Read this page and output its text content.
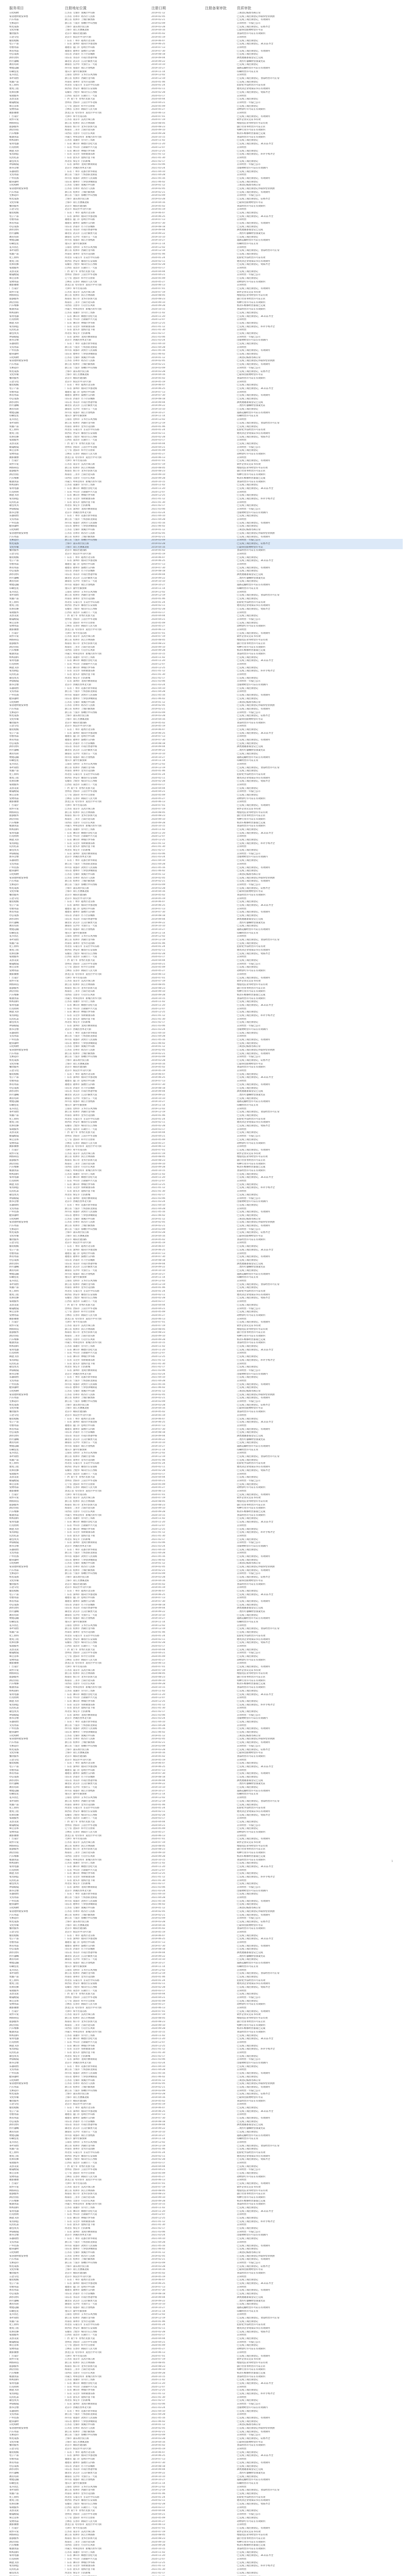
1
服务项目	注册地址位置	注册日期	注册备案审批	资质审批
日化购物	江苏省 无锡市 梁溪区中山路	2019-01-12	工商登记核准名称正常
家居建材批发零售	江苏省 苏州市 姑苏区人民路	2019-02-05	已完成工商注册登记并取得营业执照
汽车用品	浙江省 杭州市 上城区解放路	2019-02-21	已完成工商注册登记，有效期内
生鲜超市	浙江省 宁波市 海曙区中山西路	2019-03-09	正常经营 · 年报已公示
机电设备	上海市 浦东新区张江路	2019-03-28	已完成工商注册登记，证照齐全
文化传媒	上海市 徐汇区漕溪北路	2019-04-16	已取得出版物经营许可证
餐饮服务	北京市 朝阳区建国路	2019-05-02	食品经营许可证在有效期内
五金交电	北京市 海淀区中关村大街	2019-05-19	正常经营
服装鞋帽	广东省 广州市 越秀区北京路	2019-06-07	已完成工商注册登记
电子产品	广东省 深圳市 福田区华强北路	2019-06-25	已完成工商注册登记，3C认证齐全
母婴用品	福建省 厦门市 思明区中山路	2019-07-13	正常经营
体育用品	福建省 福州市 鼓楼区五四路	2019-07-30	已完成工商注册登记，有效期内
办公设备	山东省 济南市 历下区泉城路	2019-08-18	已完成工商注册登记
酒水饮料	山东省 青岛市 市南区香港中路	2019-09-04	酒类流通备案登记已完成
医疗器械	湖北省 武汉市 江汉区解放大道	2019-09-22	二类医疗器械经营备案凭证
教育培训	湖南省 长沙市 芙蓉区五一大道	2019-10-10	已完成工商注册登记
物流运输	四川省 成都市 锦江区春熙路	2019-10-27	道路运输经营许可证在有效期内
印刷包装	重庆市 渝中区解放碑	2019-11-14	印刷经营许可证正常
花卉园艺	云南省 昆明市 五华区东风西路	2019-12-02	正常经营
茶叶销售	浙江省 杭州市 西湖区龙井路	2019-12-19	已完成工商注册登记，食品经营许可正常
农副产品	河南省 郑州市 金水区花园路	2020-01-06	已完成工商注册登记
化工原料	河北省 石家庄市 长安区中山东路	2020-01-24	危险化学品经营许可证有效
建筑工程	陕西省 西安市 雁塔区长安南路	2020-02-11	建筑业企业资质证书在有效期内
装饰装修	安徽省 合肥市 蜀山区长江西路	2020-02-28	已完成工商注册登记，资质齐全
家政服务	江西省 南昌市 东湖区八一大道	2020-03-17	正常经营
美容美发	广西 南宁市 青秀区民族大道	2020-04-04	已完成工商注册登记
眼镜配镜	贵州省 贵阳市 云岩区中华北路	2020-04-21	正常经营 · 年报已公示
珠宝首饰	辽宁省 沈阳市 和平区太原街	2020-05-09	已完成工商注册登记
宠物用品	吉林省 长春市 朝阳区人民大街	2020-05-27	动物诊疗许可证在有效期内
摄影摄像	黑龙江省 哈尔滨市 道里区中央大街	2020-06-13	正常经营
广告设计	天津市 和平区南京路	2020-07-01	已完成工商注册登记，有效期内
软件开发	江苏省 南京市 玄武区珠江路	2020-07-19	软件企业认定证书有效
网络科技	浙江省 杭州市 滨江区网商路	2020-08-05	增值电信业务经营许可证有效
旅游服务	海南省 海口市 龙华区滨海大道	2020-08-23	旅行社业务经营许可证正常
酒店住宿	海南省 三亚市 吉阳区迎宾路	2020-09-10	特种行业许可证在有效期内
汽车维修	山西省 太原市 小店区长风街	2020-09-28	机动车维修经营备案已完成
粮油食品	内蒙古 呼和浩特市 新城区新华大街	2020-10-15	食品经营许可证在有效期内
纺织面料	江苏省 南通市 崇川区工农路	2020-11-02	已完成工商注册登记
家用电器	广东省 佛山市 顺德区容桂大道	2020-11-20	已完成工商注册登记，3C认证齐全
灯具照明	广东省 中山市 古镇镇中兴大道	2020-12-07	正常经营
陶瓷卫浴	广东省 佛山市 禅城区季华路	2020-12-25	已完成工商注册登记
家具制造	广东省 东莞市 厚街镇康乐路	2021-01-12	已完成工商注册登记，环评手续齐全
玩具礼品	广东省 汕头市 澄海区莲下镇	2021-01-30	正常经营
箱包皮具	河北省 保定市 白沟新城	2021-02-17	已完成工商注册登记
钟表眼镜	广东省 深圳市 龙岗区横岗街道	2021-03-06	正常经营 · 年报已公示
图书音像	北京市 西城区西单北大街	2021-03-24	出版物经营许可证在有效期内
乐器销售	广东省 广州市 花都区新华街道	2021-04-10	已完成工商注册登记
文具用品	浙江省 宁波市 宁海县跃龙街道	2021-04-28	正常经营
户外装备	四川省 成都市 武侯区人民南路	2021-05-16	已完成工商注册登记，有效期内
健身器材	山东省 德州市 宁津县津城街道	2021-06-02	已完成工商注册登记
日化购物	江苏省 无锡市 梁溪区中山路	2019-01-12	工商登记核准名称正常
家居建材批发零售	江苏省 苏州市 姑苏区人民路	2019-02-05	已完成工商注册登记并取得营业执照
汽车用品	浙江省 杭州市 上城区解放路	2019-02-21	已完成工商注册登记，有效期内
生鲜超市	浙江省 宁波市 海曙区中山西路	2019-03-09	正常经营 · 年报已公示
机电设备	上海市 浦东新区张江路	2019-03-28	已完成工商注册登记，证照齐全
文化传媒	上海市 徐汇区漕溪北路	2019-04-16	已取得出版物经营许可证
餐饮服务	北京市 朝阳区建国路	2019-05-02	食品经营许可证在有效期内
五金交电	北京市 海淀区中关村大街	2019-05-19	正常经营
服装鞋帽	广东省 广州市 越秀区北京路	2019-06-07	已完成工商注册登记
电子产品	广东省 深圳市 福田区华强北路	2019-06-25	已完成工商注册登记，3C认证齐全
母婴用品	福建省 厦门市 思明区中山路	2019-07-13	正常经营
体育用品	福建省 福州市 鼓楼区五四路	2019-07-30	已完成工商注册登记，有效期内
办公设备	山东省 济南市 历下区泉城路	2019-08-18	已完成工商注册登记
酒水饮料	山东省 青岛市 市南区香港中路	2019-09-04	酒类流通备案登记已完成
医疗器械	湖北省 武汉市 江汉区解放大道	2019-09-22	二类医疗器械经营备案凭证
教育培训	湖南省 长沙市 芙蓉区五一大道	2019-10-10	已完成工商注册登记
物流运输	四川省 成都市 锦江区春熙路	2019-10-27	道路运输经营许可证在有效期内
印刷包装	重庆市 渝中区解放碑	2019-11-14	印刷经营许可证正常
花卉园艺	云南省 昆明市 五华区东风西路	2019-12-02	正常经营
茶叶销售	浙江省 杭州市 西湖区龙井路	2019-12-19	已完成工商注册登记，食品经营许可正常
农副产品	河南省 郑州市 金水区花园路	2020-01-06	已完成工商注册登记
化工原料	河北省 石家庄市 长安区中山东路	2020-01-24	危险化学品经营许可证有效
建筑工程	陕西省 西安市 雁塔区长安南路	2020-02-11	建筑业企业资质证书在有效期内
装饰装修	安徽省 合肥市 蜀山区长江西路	2020-02-28	已完成工商注册登记，资质齐全
家政服务	江西省 南昌市 东湖区八一大道	2020-03-17	正常经营
美容美发	广西 南宁市 青秀区民族大道	2020-04-04	已完成工商注册登记
眼镜配镜	贵州省 贵阳市 云岩区中华北路	2020-04-21	正常经营 · 年报已公示
珠宝首饰	辽宁省 沈阳市 和平区太原街	2020-05-09	已完成工商注册登记
宠物用品	吉林省 长春市 朝阳区人民大街	2020-05-27	动物诊疗许可证在有效期内
摄影摄像	黑龙江省 哈尔滨市 道里区中央大街	2020-06-13	正常经营
广告设计	天津市 和平区南京路	2020-07-01	已完成工商注册登记，有效期内
软件开发	江苏省 南京市 玄武区珠江路	2020-07-19	软件企业认定证书有效
网络科技	浙江省 杭州市 滨江区网商路	2020-08-05	增值电信业务经营许可证有效
旅游服务	海南省 海口市 龙华区滨海大道	2020-08-23	旅行社业务经营许可证正常
酒店住宿	海南省 三亚市 吉阳区迎宾路	2020-09-10	特种行业许可证在有效期内
汽车维修	山西省 太原市 小店区长风街	2020-09-28	机动车维修经营备案已完成
粮油食品	内蒙古 呼和浩特市 新城区新华大街	2020-10-15	食品经营许可证在有效期内
纺织面料	江苏省 南通市 崇川区工农路	2020-11-02	已完成工商注册登记
家用电器	广东省 佛山市 顺德区容桂大道	2020-11-20	已完成工商注册登记，3C认证齐全
灯具照明	广东省 中山市 古镇镇中兴大道	2020-12-07	正常经营
陶瓷卫浴	广东省 佛山市 禅城区季华路	2020-12-25	已完成工商注册登记
家具制造	广东省 东莞市 厚街镇康乐路	2021-01-12	已完成工商注册登记，环评手续齐全
玩具礼品	广东省 汕头市 澄海区莲下镇	2021-01-30	正常经营
箱包皮具	河北省 保定市 白沟新城	2021-02-17	已完成工商注册登记
钟表眼镜	广东省 深圳市 龙岗区横岗街道	2021-03-06	正常经营 · 年报已公示
图书音像	北京市 西城区西单北大街	2021-03-24	出版物经营许可证在有效期内
乐器销售	广东省 广州市 花都区新华街道	2021-04-10	已完成工商注册登记
文具用品	浙江省 宁波市 宁海县跃龙街道	2021-04-28	正常经营
户外装备	四川省 成都市 武侯区人民南路	2021-05-16	已完成工商注册登记，有效期内
健身器材	山东省 德州市 宁津县津城街道	2021-06-02	已完成工商注册登记
日化购物	江苏省 无锡市 梁溪区中山路	2019-01-12	工商登记核准名称正常
家居建材批发零售	江苏省 苏州市 姑苏区人民路	2019-02-05	已完成工商注册登记并取得营业执照
汽车用品	浙江省 杭州市 上城区解放路	2019-02-21	已完成工商注册登记，有效期内
生鲜超市	浙江省 宁波市 海曙区中山西路	2019-03-09	正常经营 · 年报已公示
机电设备	上海市 浦东新区张江路	2019-03-28	已完成工商注册登记，证照齐全
文化传媒	上海市 徐汇区漕溪北路	2019-04-16	已取得出版物经营许可证
餐饮服务	北京市 朝阳区建国路	2019-05-02	食品经营许可证在有效期内
五金交电	北京市 海淀区中关村大街	2019-05-19	正常经营
服装鞋帽	广东省 广州市 越秀区北京路	2019-06-07	已完成工商注册登记
电子产品	广东省 深圳市 福田区华强北路	2019-06-25	已完成工商注册登记，3C认证齐全
母婴用品	福建省 厦门市 思明区中山路	2019-07-13	正常经营
体育用品	福建省 福州市 鼓楼区五四路	2019-07-30	已完成工商注册登记，有效期内
办公设备	山东省 济南市 历下区泉城路	2019-08-18	已完成工商注册登记
酒水饮料	山东省 青岛市 市南区香港中路	2019-09-04	酒类流通备案登记已完成
医疗器械	湖北省 武汉市 江汉区解放大道	2019-09-22	二类医疗器械经营备案凭证
教育培训	湖南省 长沙市 芙蓉区五一大道	2019-10-10	已完成工商注册登记
物流运输	四川省 成都市 锦江区春熙路	2019-10-27	道路运输经营许可证在有效期内
印刷包装	重庆市 渝中区解放碑	2019-11-14	印刷经营许可证正常
花卉园艺	云南省 昆明市 五华区东风西路	2019-12-02	正常经营
茶叶销售	浙江省 杭州市 西湖区龙井路	2019-12-19	已完成工商注册登记，食品经营许可正常
农副产品	河南省 郑州市 金水区花园路	2020-01-06	已完成工商注册登记
化工原料	河北省 石家庄市 长安区中山东路	2020-01-24	危险化学品经营许可证有效
建筑工程	陕西省 西安市 雁塔区长安南路	2020-02-11	建筑业企业资质证书在有效期内
装饰装修	安徽省 合肥市 蜀山区长江西路	2020-02-28	已完成工商注册登记，资质齐全
家政服务	江西省 南昌市 东湖区八一大道	2020-03-17	正常经营
美容美发	广西 南宁市 青秀区民族大道	2020-04-04	已完成工商注册登记
眼镜配镜	贵州省 贵阳市 云岩区中华北路	2020-04-21	正常经营 · 年报已公示
珠宝首饰	辽宁省 沈阳市 和平区太原街	2020-05-09	已完成工商注册登记
宠物用品	吉林省 长春市 朝阳区人民大街	2020-05-27	动物诊疗许可证在有效期内
摄影摄像	黑龙江省 哈尔滨市 道里区中央大街	2020-06-13	正常经营
广告设计	天津市 和平区南京路	2020-07-01	已完成工商注册登记，有效期内
软件开发	江苏省 南京市 玄武区珠江路	2020-07-19	软件企业认定证书有效
网络科技	浙江省 杭州市 滨江区网商路	2020-08-05	增值电信业务经营许可证有效
旅游服务	海南省 海口市 龙华区滨海大道	2020-08-23	旅行社业务经营许可证正常
酒店住宿	海南省 三亚市 吉阳区迎宾路	2020-09-10	特种行业许可证在有效期内
汽车维修	山西省 太原市 小店区长风街	2020-09-28	机动车维修经营备案已完成
粮油食品	内蒙古 呼和浩特市 新城区新华大街	2020-10-15	食品经营许可证在有效期内
纺织面料	江苏省 南通市 崇川区工农路	2020-11-02	已完成工商注册登记
家用电器	广东省 佛山市 顺德区容桂大道	2020-11-20	已完成工商注册登记，3C认证齐全
灯具照明	广东省 中山市 古镇镇中兴大道	2020-12-07	正常经营
陶瓷卫浴	广东省 佛山市 禅城区季华路	2020-12-25	已完成工商注册登记
家具制造	广东省 东莞市 厚街镇康乐路	2021-01-12	已完成工商注册登记，环评手续齐全
玩具礼品	广东省 汕头市 澄海区莲下镇	2021-01-30	正常经营
箱包皮具	河北省 保定市 白沟新城	2021-02-17	已完成工商注册登记
钟表眼镜	广东省 深圳市 龙岗区横岗街道	2021-03-06	正常经营 · 年报已公示
图书音像	北京市 西城区西单北大街	2021-03-24	出版物经营许可证在有效期内
乐器销售	广东省 广州市 花都区新华街道	2021-04-10	已完成工商注册登记
文具用品	浙江省 宁波市 宁海县跃龙街道	2021-04-28	正常经营
户外装备	四川省 成都市 武侯区人民南路	2021-05-16	已完成工商注册登记，有效期内
健身器材	山东省 德州市 宁津县津城街道	2021-06-02	已完成工商注册登记
日化购物	江苏省 无锡市 梁溪区中山路	2019-01-12	工商登记核准名称正常
家居建材批发零售	江苏省 苏州市 姑苏区人民路	2019-02-05	已完成工商注册登记并取得营业执照
汽车用品	浙江省 杭州市 上城区解放路	2019-02-21	已完成工商注册登记，有效期内
生鲜超市	浙江省 宁波市 海曙区中山西路	2019-03-09	正常经营 · 年报已公示
机电设备	上海市 浦东新区张江路	2019-03-28	已完成工商注册登记，证照齐全
文化传媒	上海市 徐汇区漕溪北路	2019-04-16	已取得出版物经营许可证
餐饮服务	北京市 朝阳区建国路	2019-05-02	食品经营许可证在有效期内
五金交电	北京市 海淀区中关村大街	2019-05-19	正常经营
服装鞋帽	广东省 广州市 越秀区北京路	2019-06-07	已完成工商注册登记
电子产品	广东省 深圳市 福田区华强北路	2019-06-25	已完成工商注册登记，3C认证齐全
母婴用品	福建省 厦门市 思明区中山路	2019-07-13	正常经营
体育用品	福建省 福州市 鼓楼区五四路	2019-07-30	已完成工商注册登记，有效期内
办公设备	山东省 济南市 历下区泉城路	2019-08-18	已完成工商注册登记
酒水饮料	山东省 青岛市 市南区香港中路	2019-09-04	酒类流通备案登记已完成
医疗器械	湖北省 武汉市 江汉区解放大道	2019-09-22	二类医疗器械经营备案凭证
教育培训	湖南省 长沙市 芙蓉区五一大道	2019-10-10	已完成工商注册登记
物流运输	四川省 成都市 锦江区春熙路	2019-10-27	道路运输经营许可证在有效期内
印刷包装	重庆市 渝中区解放碑	2019-11-14	印刷经营许可证正常
花卉园艺	云南省 昆明市 五华区东风西路	2019-12-02	正常经营
茶叶销售	浙江省 杭州市 西湖区龙井路	2019-12-19	已完成工商注册登记，食品经营许可正常
农副产品	河南省 郑州市 金水区花园路	2020-01-06	已完成工商注册登记
化工原料	河北省 石家庄市 长安区中山东路	2020-01-24	危险化学品经营许可证有效
建筑工程	陕西省 西安市 雁塔区长安南路	2020-02-11	建筑业企业资质证书在有效期内
装饰装修	安徽省 合肥市 蜀山区长江西路	2020-02-28	已完成工商注册登记，资质齐全
家政服务	江西省 南昌市 东湖区八一大道	2020-03-17	正常经营
美容美发	广西 南宁市 青秀区民族大道	2020-04-04	已完成工商注册登记
眼镜配镜	贵州省 贵阳市 云岩区中华北路	2020-04-21	正常经营 · 年报已公示
珠宝首饰	辽宁省 沈阳市 和平区太原街	2020-05-09	已完成工商注册登记
宠物用品	吉林省 长春市 朝阳区人民大街	2020-05-27	动物诊疗许可证在有效期内
摄影摄像	黑龙江省 哈尔滨市 道里区中央大街	2020-06-13	正常经营
广告设计	天津市 和平区南京路	2020-07-01	已完成工商注册登记，有效期内
软件开发	江苏省 南京市 玄武区珠江路	2020-07-19	软件企业认定证书有效
网络科技	浙江省 杭州市 滨江区网商路	2020-08-05	增值电信业务经营许可证有效
旅游服务	海南省 海口市 龙华区滨海大道	2020-08-23	旅行社业务经营许可证正常
酒店住宿	海南省 三亚市 吉阳区迎宾路	2020-09-10	特种行业许可证在有效期内
汽车维修	山西省 太原市 小店区长风街	2020-09-28	机动车维修经营备案已完成
粮油食品	内蒙古 呼和浩特市 新城区新华大街	2020-10-15	食品经营许可证在有效期内
纺织面料	江苏省 南通市 崇川区工农路	2020-11-02	已完成工商注册登记
家用电器	广东省 佛山市 顺德区容桂大道	2020-11-20	已完成工商注册登记，3C认证齐全
灯具照明	广东省 中山市 古镇镇中兴大道	2020-12-07	正常经营
陶瓷卫浴	广东省 佛山市 禅城区季华路	2020-12-25	已完成工商注册登记
家具制造	广东省 东莞市 厚街镇康乐路	2021-01-12	已完成工商注册登记，环评手续齐全
玩具礼品	广东省 汕头市 澄海区莲下镇	2021-01-30	正常经营
箱包皮具	河北省 保定市 白沟新城	2021-02-17	已完成工商注册登记
钟表眼镜	广东省 深圳市 龙岗区横岗街道	2021-03-06	正常经营 · 年报已公示
图书音像	北京市 西城区西单北大街	2021-03-24	出版物经营许可证在有效期内
乐器销售	广东省 广州市 花都区新华街道	2021-04-10	已完成工商注册登记
文具用品	浙江省 宁波市 宁海县跃龙街道	2021-04-28	正常经营
户外装备	四川省 成都市 武侯区人民南路	2021-05-16	已完成工商注册登记，有效期内
健身器材	山东省 德州市 宁津县津城街道	2021-06-02	已完成工商注册登记
日化购物	江苏省 无锡市 梁溪区中山路	2019-01-12	工商登记核准名称正常
家居建材批发零售	江苏省 苏州市 姑苏区人民路	2019-02-05	已完成工商注册登记并取得营业执照
汽车用品	浙江省 杭州市 上城区解放路	2019-02-21	已完成工商注册登记，有效期内
生鲜超市	浙江省 宁波市 海曙区中山西路	2019-03-09	正常经营 · 年报已公示
机电设备	上海市 浦东新区张江路	2019-03-28	已完成工商注册登记，证照齐全
文化传媒	上海市 徐汇区漕溪北路	2019-04-16	已取得出版物经营许可证
餐饮服务	北京市 朝阳区建国路	2019-05-02	食品经营许可证在有效期内
五金交电	北京市 海淀区中关村大街	2019-05-19	正常经营
服装鞋帽	广东省 广州市 越秀区北京路	2019-06-07	已完成工商注册登记
电子产品	广东省 深圳市 福田区华强北路	2019-06-25	已完成工商注册登记，3C认证齐全
母婴用品	福建省 厦门市 思明区中山路	2019-07-13	正常经营
体育用品	福建省 福州市 鼓楼区五四路	2019-07-30	已完成工商注册登记，有效期内
办公设备	山东省 济南市 历下区泉城路	2019-08-18	已完成工商注册登记
酒水饮料	山东省 青岛市 市南区香港中路	2019-09-04	酒类流通备案登记已完成
医疗器械	湖北省 武汉市 江汉区解放大道	2019-09-22	二类医疗器械经营备案凭证
教育培训	湖南省 长沙市 芙蓉区五一大道	2019-10-10	已完成工商注册登记
物流运输	四川省 成都市 锦江区春熙路	2019-10-27	道路运输经营许可证在有效期内
印刷包装	重庆市 渝中区解放碑	2019-11-14	印刷经营许可证正常
花卉园艺	云南省 昆明市 五华区东风西路	2019-12-02	正常经营
茶叶销售	浙江省 杭州市 西湖区龙井路	2019-12-19	已完成工商注册登记，食品经营许可正常
农副产品	河南省 郑州市 金水区花园路	2020-01-06	已完成工商注册登记
化工原料	河北省 石家庄市 长安区中山东路	2020-01-24	危险化学品经营许可证有效
建筑工程	陕西省 西安市 雁塔区长安南路	2020-02-11	建筑业企业资质证书在有效期内
装饰装修	安徽省 合肥市 蜀山区长江西路	2020-02-28	已完成工商注册登记，资质齐全
家政服务	江西省 南昌市 东湖区八一大道	2020-03-17	正常经营
美容美发	广西 南宁市 青秀区民族大道	2020-04-04	已完成工商注册登记
眼镜配镜	贵州省 贵阳市 云岩区中华北路	2020-04-21	正常经营 · 年报已公示
珠宝首饰	辽宁省 沈阳市 和平区太原街	2020-05-09	已完成工商注册登记
宠物用品	吉林省 长春市 朝阳区人民大街	2020-05-27	动物诊疗许可证在有效期内
摄影摄像	黑龙江省 哈尔滨市 道里区中央大街	2020-06-13	正常经营
广告设计	天津市 和平区南京路	2020-07-01	已完成工商注册登记，有效期内
软件开发	江苏省 南京市 玄武区珠江路	2020-07-19	软件企业认定证书有效
网络科技	浙江省 杭州市 滨江区网商路	2020-08-05	增值电信业务经营许可证有效
旅游服务	海南省 海口市 龙华区滨海大道	2020-08-23	旅行社业务经营许可证正常
酒店住宿	海南省 三亚市 吉阳区迎宾路	2020-09-10	特种行业许可证在有效期内
汽车维修	山西省 太原市 小店区长风街	2020-09-28	机动车维修经营备案已完成
粮油食品	内蒙古 呼和浩特市 新城区新华大街	2020-10-15	食品经营许可证在有效期内
纺织面料	江苏省 南通市 崇川区工农路	2020-11-02	已完成工商注册登记
家用电器	广东省 佛山市 顺德区容桂大道	2020-11-20	已完成工商注册登记，3C认证齐全
灯具照明	广东省 中山市 古镇镇中兴大道	2020-12-07	正常经营
陶瓷卫浴	广东省 佛山市 禅城区季华路	2020-12-25	已完成工商注册登记
家具制造	广东省 东莞市 厚街镇康乐路	2021-01-12	已完成工商注册登记，环评手续齐全
玩具礼品	广东省 汕头市 澄海区莲下镇	2021-01-30	正常经营
箱包皮具	河北省 保定市 白沟新城	2021-02-17	已完成工商注册登记
钟表眼镜	广东省 深圳市 龙岗区横岗街道	2021-03-06	正常经营 · 年报已公示
图书音像	北京市 西城区西单北大街	2021-03-24	出版物经营许可证在有效期内
乐器销售	广东省 广州市 花都区新华街道	2021-04-10	已完成工商注册登记
文具用品	浙江省 宁波市 宁海县跃龙街道	2021-04-28	正常经营
户外装备	四川省 成都市 武侯区人民南路	2021-05-16	已完成工商注册登记，有效期内
健身器材	山东省 德州市 宁津县津城街道	2021-06-02	已完成工商注册登记
日化购物	江苏省 无锡市 梁溪区中山路	2019-01-12	工商登记核准名称正常
家居建材批发零售	江苏省 苏州市 姑苏区人民路	2019-02-05	已完成工商注册登记并取得营业执照
汽车用品	浙江省 杭州市 上城区解放路	2019-02-21	已完成工商注册登记，有效期内
生鲜超市	浙江省 宁波市 海曙区中山西路	2019-03-09	正常经营 · 年报已公示
机电设备	上海市 浦东新区张江路	2019-03-28	已完成工商注册登记，证照齐全
文化传媒	上海市 徐汇区漕溪北路	2019-04-16	已取得出版物经营许可证
餐饮服务	北京市 朝阳区建国路	2019-05-02	食品经营许可证在有效期内
五金交电	北京市 海淀区中关村大街	2019-05-19	正常经营
服装鞋帽	广东省 广州市 越秀区北京路	2019-06-07	已完成工商注册登记
电子产品	广东省 深圳市 福田区华强北路	2019-06-25	已完成工商注册登记，3C认证齐全
母婴用品	福建省 厦门市 思明区中山路	2019-07-13	正常经营
体育用品	福建省 福州市 鼓楼区五四路	2019-07-30	已完成工商注册登记，有效期内
办公设备	山东省 济南市 历下区泉城路	2019-08-18	已完成工商注册登记
酒水饮料	山东省 青岛市 市南区香港中路	2019-09-04	酒类流通备案登记已完成
医疗器械	湖北省 武汉市 江汉区解放大道	2019-09-22	二类医疗器械经营备案凭证
教育培训	湖南省 长沙市 芙蓉区五一大道	2019-10-10	已完成工商注册登记
物流运输	四川省 成都市 锦江区春熙路	2019-10-27	道路运输经营许可证在有效期内
印刷包装	重庆市 渝中区解放碑	2019-11-14	印刷经营许可证正常
花卉园艺	云南省 昆明市 五华区东风西路	2019-12-02	正常经营
茶叶销售	浙江省 杭州市 西湖区龙井路	2019-12-19	已完成工商注册登记，食品经营许可正常
农副产品	河南省 郑州市 金水区花园路	2020-01-06	已完成工商注册登记
化工原料	河北省 石家庄市 长安区中山东路	2020-01-24	危险化学品经营许可证有效
建筑工程	陕西省 西安市 雁塔区长安南路	2020-02-11	建筑业企业资质证书在有效期内
装饰装修	安徽省 合肥市 蜀山区长江西路	2020-02-28	已完成工商注册登记，资质齐全
家政服务	江西省 南昌市 东湖区八一大道	2020-03-17	正常经营
美容美发	广西 南宁市 青秀区民族大道	2020-04-04	已完成工商注册登记
眼镜配镜	贵州省 贵阳市 云岩区中华北路	2020-04-21	正常经营 · 年报已公示
珠宝首饰	辽宁省 沈阳市 和平区太原街	2020-05-09	已完成工商注册登记
宠物用品	吉林省 长春市 朝阳区人民大街	2020-05-27	动物诊疗许可证在有效期内
摄影摄像	黑龙江省 哈尔滨市 道里区中央大街	2020-06-13	正常经营
广告设计	天津市 和平区南京路	2020-07-01	已完成工商注册登记，有效期内
软件开发	江苏省 南京市 玄武区珠江路	2020-07-19	软件企业认定证书有效
网络科技	浙江省 杭州市 滨江区网商路	2020-08-05	增值电信业务经营许可证有效
旅游服务	海南省 海口市 龙华区滨海大道	2020-08-23	旅行社业务经营许可证正常
酒店住宿	海南省 三亚市 吉阳区迎宾路	2020-09-10	特种行业许可证在有效期内
汽车维修	山西省 太原市 小店区长风街	2020-09-28	机动车维修经营备案已完成
粮油食品	内蒙古 呼和浩特市 新城区新华大街	2020-10-15	食品经营许可证在有效期内
纺织面料	江苏省 南通市 崇川区工农路	2020-11-02	已完成工商注册登记
家用电器	广东省 佛山市 顺德区容桂大道	2020-11-20	已完成工商注册登记，3C认证齐全
灯具照明	广东省 中山市 古镇镇中兴大道	2020-12-07	正常经营
陶瓷卫浴	广东省 佛山市 禅城区季华路	2020-12-25	已完成工商注册登记
家具制造	广东省 东莞市 厚街镇康乐路	2021-01-12	已完成工商注册登记，环评手续齐全
玩具礼品	广东省 汕头市 澄海区莲下镇	2021-01-30	正常经营
箱包皮具	河北省 保定市 白沟新城	2021-02-17	已完成工商注册登记
钟表眼镜	广东省 深圳市 龙岗区横岗街道	2021-03-06	正常经营 · 年报已公示
图书音像	北京市 西城区西单北大街	2021-03-24	出版物经营许可证在有效期内
乐器销售	广东省 广州市 花都区新华街道	2021-04-10	已完成工商注册登记
文具用品	浙江省 宁波市 宁海县跃龙街道	2021-04-28	正常经营
户外装备	四川省 成都市 武侯区人民南路	2021-05-16	已完成工商注册登记，有效期内
健身器材	山东省 德州市 宁津县津城街道	2021-06-02	已完成工商注册登记
日化购物	江苏省 无锡市 梁溪区中山路	2019-01-12	工商登记核准名称正常
家居建材批发零售	江苏省 苏州市 姑苏区人民路	2019-02-05	已完成工商注册登记并取得营业执照
汽车用品	浙江省 杭州市 上城区解放路	2019-02-21	已完成工商注册登记，有效期内
生鲜超市	浙江省 宁波市 海曙区中山西路	2019-03-09	正常经营 · 年报已公示
机电设备	上海市 浦东新区张江路	2019-03-28	已完成工商注册登记，证照齐全
文化传媒	上海市 徐汇区漕溪北路	2019-04-16	已取得出版物经营许可证
餐饮服务	北京市 朝阳区建国路	2019-05-02	食品经营许可证在有效期内
五金交电	北京市 海淀区中关村大街	2019-05-19	正常经营
服装鞋帽	广东省 广州市 越秀区北京路	2019-06-07	已完成工商注册登记
电子产品	广东省 深圳市 福田区华强北路	2019-06-25	已完成工商注册登记，3C认证齐全
母婴用品	福建省 厦门市 思明区中山路	2019-07-13	正常经营
体育用品	福建省 福州市 鼓楼区五四路	2019-07-30	已完成工商注册登记，有效期内
办公设备	山东省 济南市 历下区泉城路	2019-08-18	已完成工商注册登记
酒水饮料	山东省 青岛市 市南区香港中路	2019-09-04	酒类流通备案登记已完成
医疗器械	湖北省 武汉市 江汉区解放大道	2019-09-22	二类医疗器械经营备案凭证
教育培训	湖南省 长沙市 芙蓉区五一大道	2019-10-10	已完成工商注册登记
物流运输	四川省 成都市 锦江区春熙路	2019-10-27	道路运输经营许可证在有效期内
印刷包装	重庆市 渝中区解放碑	2019-11-14	印刷经营许可证正常
花卉园艺	云南省 昆明市 五华区东风西路	2019-12-02	正常经营
茶叶销售	浙江省 杭州市 西湖区龙井路	2019-12-19	已完成工商注册登记，食品经营许可正常
农副产品	河南省 郑州市 金水区花园路	2020-01-06	已完成工商注册登记
化工原料	河北省 石家庄市 长安区中山东路	2020-01-24	危险化学品经营许可证有效
建筑工程	陕西省 西安市 雁塔区长安南路	2020-02-11	建筑业企业资质证书在有效期内
装饰装修	安徽省 合肥市 蜀山区长江西路	2020-02-28	已完成工商注册登记，资质齐全
家政服务	江西省 南昌市 东湖区八一大道	2020-03-17	正常经营
美容美发	广西 南宁市 青秀区民族大道	2020-04-04	已完成工商注册登记
眼镜配镜	贵州省 贵阳市 云岩区中华北路	2020-04-21	正常经营 · 年报已公示
珠宝首饰	辽宁省 沈阳市 和平区太原街	2020-05-09	已完成工商注册登记
宠物用品	吉林省 长春市 朝阳区人民大街	2020-05-27	动物诊疗许可证在有效期内
摄影摄像	黑龙江省 哈尔滨市 道里区中央大街	2020-06-13	正常经营
广告设计	天津市 和平区南京路	2020-07-01	已完成工商注册登记，有效期内
软件开发	江苏省 南京市 玄武区珠江路	2020-07-19	软件企业认定证书有效
网络科技	浙江省 杭州市 滨江区网商路	2020-08-05	增值电信业务经营许可证有效
旅游服务	海南省 海口市 龙华区滨海大道	2020-08-23	旅行社业务经营许可证正常
酒店住宿	海南省 三亚市 吉阳区迎宾路	2020-09-10	特种行业许可证在有效期内
汽车维修	山西省 太原市 小店区长风街	2020-09-28	机动车维修经营备案已完成
粮油食品	内蒙古 呼和浩特市 新城区新华大街	2020-10-15	食品经营许可证在有效期内
纺织面料	江苏省 南通市 崇川区工农路	2020-11-02	已完成工商注册登记
家用电器	广东省 佛山市 顺德区容桂大道	2020-11-20	已完成工商注册登记，3C认证齐全
灯具照明	广东省 中山市 古镇镇中兴大道	2020-12-07	正常经营
陶瓷卫浴	广东省 佛山市 禅城区季华路	2020-12-25	已完成工商注册登记
家具制造	广东省 东莞市 厚街镇康乐路	2021-01-12	已完成工商注册登记，环评手续齐全
玩具礼品	广东省 汕头市 澄海区莲下镇	2021-01-30	正常经营
箱包皮具	河北省 保定市 白沟新城	2021-02-17	已完成工商注册登记
钟表眼镜	广东省 深圳市 龙岗区横岗街道	2021-03-06	正常经营 · 年报已公示
图书音像	北京市 西城区西单北大街	2021-03-24	出版物经营许可证在有效期内
乐器销售	广东省 广州市 花都区新华街道	2021-04-10	已完成工商注册登记
文具用品	浙江省 宁波市 宁海县跃龙街道	2021-04-28	正常经营
户外装备	四川省 成都市 武侯区人民南路	2021-05-16	已完成工商注册登记，有效期内
健身器材	山东省 德州市 宁津县津城街道	2021-06-02	已完成工商注册登记
日化购物	江苏省 无锡市 梁溪区中山路	2019-01-12	工商登记核准名称正常
家居建材批发零售	江苏省 苏州市 姑苏区人民路	2019-02-05	已完成工商注册登记并取得营业执照
汽车用品	浙江省 杭州市 上城区解放路	2019-02-21	已完成工商注册登记，有效期内
生鲜超市	浙江省 宁波市 海曙区中山西路	2019-03-09	正常经营 · 年报已公示
机电设备	上海市 浦东新区张江路	2019-03-28	已完成工商注册登记，证照齐全
文化传媒	上海市 徐汇区漕溪北路	2019-04-16	已取得出版物经营许可证
餐饮服务	北京市 朝阳区建国路	2019-05-02	食品经营许可证在有效期内
五金交电	北京市 海淀区中关村大街	2019-05-19	正常经营
服装鞋帽	广东省 广州市 越秀区北京路	2019-06-07	已完成工商注册登记
电子产品	广东省 深圳市 福田区华强北路	2019-06-25	已完成工商注册登记，3C认证齐全
母婴用品	福建省 厦门市 思明区中山路	2019-07-13	正常经营
体育用品	福建省 福州市 鼓楼区五四路	2019-07-30	已完成工商注册登记，有效期内
办公设备	山东省 济南市 历下区泉城路	2019-08-18	已完成工商注册登记
酒水饮料	山东省 青岛市 市南区香港中路	2019-09-04	酒类流通备案登记已完成
医疗器械	湖北省 武汉市 江汉区解放大道	2019-09-22	二类医疗器械经营备案凭证
教育培训	湖南省 长沙市 芙蓉区五一大道	2019-10-10	已完成工商注册登记
物流运输	四川省 成都市 锦江区春熙路	2019-10-27	道路运输经营许可证在有效期内
印刷包装	重庆市 渝中区解放碑	2019-11-14	印刷经营许可证正常
花卉园艺	云南省 昆明市 五华区东风西路	2019-12-02	正常经营
茶叶销售	浙江省 杭州市 西湖区龙井路	2019-12-19	已完成工商注册登记，食品经营许可正常
农副产品	河南省 郑州市 金水区花园路	2020-01-06	已完成工商注册登记
化工原料	河北省 石家庄市 长安区中山东路	2020-01-24	危险化学品经营许可证有效
建筑工程	陕西省 西安市 雁塔区长安南路	2020-02-11	建筑业企业资质证书在有效期内
装饰装修	安徽省 合肥市 蜀山区长江西路	2020-02-28	已完成工商注册登记，资质齐全
家政服务	江西省 南昌市 东湖区八一大道	2020-03-17	正常经营
美容美发	广西 南宁市 青秀区民族大道	2020-04-04	已完成工商注册登记
眼镜配镜	贵州省 贵阳市 云岩区中华北路	2020-04-21	正常经营 · 年报已公示
珠宝首饰	辽宁省 沈阳市 和平区太原街	2020-05-09	已完成工商注册登记
宠物用品	吉林省 长春市 朝阳区人民大街	2020-05-27	动物诊疗许可证在有效期内
摄影摄像	黑龙江省 哈尔滨市 道里区中央大街	2020-06-13	正常经营
广告设计	天津市 和平区南京路	2020-07-01	已完成工商注册登记，有效期内
软件开发	江苏省 南京市 玄武区珠江路	2020-07-19	软件企业认定证书有效
网络科技	浙江省 杭州市 滨江区网商路	2020-08-05	增值电信业务经营许可证有效
旅游服务	海南省 海口市 龙华区滨海大道	2020-08-23	旅行社业务经营许可证正常
酒店住宿	海南省 三亚市 吉阳区迎宾路	2020-09-10	特种行业许可证在有效期内
汽车维修	山西省 太原市 小店区长风街	2020-09-28	机动车维修经营备案已完成
粮油食品	内蒙古 呼和浩特市 新城区新华大街	2020-10-15	食品经营许可证在有效期内
纺织面料	江苏省 南通市 崇川区工农路	2020-11-02	已完成工商注册登记
家用电器	广东省 佛山市 顺德区容桂大道	2020-11-20	已完成工商注册登记，3C认证齐全
灯具照明	广东省 中山市 古镇镇中兴大道	2020-12-07	正常经营
陶瓷卫浴	广东省 佛山市 禅城区季华路	2020-12-25	已完成工商注册登记
家具制造	广东省 东莞市 厚街镇康乐路	2021-01-12	已完成工商注册登记，环评手续齐全
玩具礼品	广东省 汕头市 澄海区莲下镇	2021-01-30	正常经营
箱包皮具	河北省 保定市 白沟新城	2021-02-17	已完成工商注册登记
钟表眼镜	广东省 深圳市 龙岗区横岗街道	2021-03-06	正常经营 · 年报已公示
图书音像	北京市 西城区西单北大街	2021-03-24	出版物经营许可证在有效期内
乐器销售	广东省 广州市 花都区新华街道	2021-04-10	已完成工商注册登记
文具用品	浙江省 宁波市 宁海县跃龙街道	2021-04-28	正常经营
户外装备	四川省 成都市 武侯区人民南路	2021-05-16	已完成工商注册登记，有效期内
健身器材	山东省 德州市 宁津县津城街道	2021-06-02	已完成工商注册登记
日化购物	江苏省 无锡市 梁溪区中山路	2019-01-12	工商登记核准名称正常
家居建材批发零售	江苏省 苏州市 姑苏区人民路	2019-02-05	已完成工商注册登记并取得营业执照
汽车用品	浙江省 杭州市 上城区解放路	2019-02-21	已完成工商注册登记，有效期内
生鲜超市	浙江省 宁波市 海曙区中山西路	2019-03-09	正常经营 · 年报已公示
机电设备	上海市 浦东新区张江路	2019-03-28	已完成工商注册登记，证照齐全
文化传媒	上海市 徐汇区漕溪北路	2019-04-16	已取得出版物经营许可证
餐饮服务	北京市 朝阳区建国路	2019-05-02	食品经营许可证在有效期内
五金交电	北京市 海淀区中关村大街	2019-05-19	正常经营
服装鞋帽	广东省 广州市 越秀区北京路	2019-06-07	已完成工商注册登记
电子产品	广东省 深圳市 福田区华强北路	2019-06-25	已完成工商注册登记，3C认证齐全
母婴用品	福建省 厦门市 思明区中山路	2019-07-13	正常经营
体育用品	福建省 福州市 鼓楼区五四路	2019-07-30	已完成工商注册登记，有效期内
办公设备	山东省 济南市 历下区泉城路	2019-08-18	已完成工商注册登记
酒水饮料	山东省 青岛市 市南区香港中路	2019-09-04	酒类流通备案登记已完成
医疗器械	湖北省 武汉市 江汉区解放大道	2019-09-22	二类医疗器械经营备案凭证
教育培训	湖南省 长沙市 芙蓉区五一大道	2019-10-10	已完成工商注册登记
物流运输	四川省 成都市 锦江区春熙路	2019-10-27	道路运输经营许可证在有效期内
印刷包装	重庆市 渝中区解放碑	2019-11-14	印刷经营许可证正常
花卉园艺	云南省 昆明市 五华区东风西路	2019-12-02	正常经营
茶叶销售	浙江省 杭州市 西湖区龙井路	2019-12-19	已完成工商注册登记，食品经营许可正常
农副产品	河南省 郑州市 金水区花园路	2020-01-06	已完成工商注册登记
化工原料	河北省 石家庄市 长安区中山东路	2020-01-24	危险化学品经营许可证有效
建筑工程	陕西省 西安市 雁塔区长安南路	2020-02-11	建筑业企业资质证书在有效期内
装饰装修	安徽省 合肥市 蜀山区长江西路	2020-02-28	已完成工商注册登记，资质齐全
家政服务	江西省 南昌市 东湖区八一大道	2020-03-17	正常经营
美容美发	广西 南宁市 青秀区民族大道	2020-04-04	已完成工商注册登记
眼镜配镜	贵州省 贵阳市 云岩区中华北路	2020-04-21	正常经营 · 年报已公示
珠宝首饰	辽宁省 沈阳市 和平区太原街	2020-05-09	已完成工商注册登记
宠物用品	吉林省 长春市 朝阳区人民大街	2020-05-27	动物诊疗许可证在有效期内
摄影摄像	黑龙江省 哈尔滨市 道里区中央大街	2020-06-13	正常经营
广告设计	天津市 和平区南京路	2020-07-01	已完成工商注册登记，有效期内
软件开发	江苏省 南京市 玄武区珠江路	2020-07-19	软件企业认定证书有效
网络科技	浙江省 杭州市 滨江区网商路	2020-08-05	增值电信业务经营许可证有效
旅游服务	海南省 海口市 龙华区滨海大道	2020-08-23	旅行社业务经营许可证正常
酒店住宿	海南省 三亚市 吉阳区迎宾路	2020-09-10	特种行业许可证在有效期内
汽车维修	山西省 太原市 小店区长风街	2020-09-28	机动车维修经营备案已完成
粮油食品	内蒙古 呼和浩特市 新城区新华大街	2020-10-15	食品经营许可证在有效期内
纺织面料	江苏省 南通市 崇川区工农路	2020-11-02	已完成工商注册登记
家用电器	广东省 佛山市 顺德区容桂大道	2020-11-20	已完成工商注册登记，3C认证齐全
灯具照明	广东省 中山市 古镇镇中兴大道	2020-12-07	正常经营
陶瓷卫浴	广东省 佛山市 禅城区季华路	2020-12-25	已完成工商注册登记
家具制造	广东省 东莞市 厚街镇康乐路	2021-01-12	已完成工商注册登记，环评手续齐全
玩具礼品	广东省 汕头市 澄海区莲下镇	2021-01-30	正常经营
箱包皮具	河北省 保定市 白沟新城	2021-02-17	已完成工商注册登记
钟表眼镜	广东省 深圳市 龙岗区横岗街道	2021-03-06	正常经营 · 年报已公示
图书音像	北京市 西城区西单北大街	2021-03-24	出版物经营许可证在有效期内
乐器销售	广东省 广州市 花都区新华街道	2021-04-10	已完成工商注册登记
文具用品	浙江省 宁波市 宁海县跃龙街道	2021-04-28	正常经营
户外装备	四川省 成都市 武侯区人民南路	2021-05-16	已完成工商注册登记，有效期内
健身器材	山东省 德州市 宁津县津城街道	2021-06-02	已完成工商注册登记
日化购物	江苏省 无锡市 梁溪区中山路	2019-01-12	工商登记核准名称正常
家居建材批发零售	江苏省 苏州市 姑苏区人民路	2019-02-05	已完成工商注册登记并取得营业执照
汽车用品	浙江省 杭州市 上城区解放路	2019-02-21	已完成工商注册登记，有效期内
生鲜超市	浙江省 宁波市 海曙区中山西路	2019-03-09	正常经营 · 年报已公示
机电设备	上海市 浦东新区张江路	2019-03-28	已完成工商注册登记，证照齐全
文化传媒	上海市 徐汇区漕溪北路	2019-04-16	已取得出版物经营许可证
餐饮服务	北京市 朝阳区建国路	2019-05-02	食品经营许可证在有效期内
五金交电	北京市 海淀区中关村大街	2019-05-19	正常经营
服装鞋帽	广东省 广州市 越秀区北京路	2019-06-07	已完成工商注册登记
电子产品	广东省 深圳市 福田区华强北路	2019-06-25	已完成工商注册登记，3C认证齐全
母婴用品	福建省 厦门市 思明区中山路	2019-07-13	正常经营
体育用品	福建省 福州市 鼓楼区五四路	2019-07-30	已完成工商注册登记，有效期内
办公设备	山东省 济南市 历下区泉城路	2019-08-18	已完成工商注册登记
酒水饮料	山东省 青岛市 市南区香港中路	2019-09-04	酒类流通备案登记已完成
医疗器械	湖北省 武汉市 江汉区解放大道	2019-09-22	二类医疗器械经营备案凭证
教育培训	湖南省 长沙市 芙蓉区五一大道	2019-10-10	已完成工商注册登记
物流运输	四川省 成都市 锦江区春熙路	2019-10-27	道路运输经营许可证在有效期内
印刷包装	重庆市 渝中区解放碑	2019-11-14	印刷经营许可证正常
花卉园艺	云南省 昆明市 五华区东风西路	2019-12-02	正常经营
茶叶销售	浙江省 杭州市 西湖区龙井路	2019-12-19	已完成工商注册登记，食品经营许可正常
农副产品	河南省 郑州市 金水区花园路	2020-01-06	已完成工商注册登记
化工原料	河北省 石家庄市 长安区中山东路	2020-01-24	危险化学品经营许可证有效
建筑工程	陕西省 西安市 雁塔区长安南路	2020-02-11	建筑业企业资质证书在有效期内
装饰装修	安徽省 合肥市 蜀山区长江西路	2020-02-28	已完成工商注册登记，资质齐全
家政服务	江西省 南昌市 东湖区八一大道	2020-03-17	正常经营
美容美发	广西 南宁市 青秀区民族大道	2020-04-04	已完成工商注册登记
眼镜配镜	贵州省 贵阳市 云岩区中华北路	2020-04-21	正常经营 · 年报已公示
珠宝首饰	辽宁省 沈阳市 和平区太原街	2020-05-09	已完成工商注册登记
宠物用品	吉林省 长春市 朝阳区人民大街	2020-05-27	动物诊疗许可证在有效期内
摄影摄像	黑龙江省 哈尔滨市 道里区中央大街	2020-06-13	正常经营
广告设计	天津市 和平区南京路	2020-07-01	已完成工商注册登记，有效期内
软件开发	江苏省 南京市 玄武区珠江路	2020-07-19	软件企业认定证书有效
网络科技	浙江省 杭州市 滨江区网商路	2020-08-05	增值电信业务经营许可证有效
旅游服务	海南省 海口市 龙华区滨海大道	2020-08-23	旅行社业务经营许可证正常
酒店住宿	海南省 三亚市 吉阳区迎宾路	2020-09-10	特种行业许可证在有效期内
汽车维修	山西省 太原市 小店区长风街	2020-09-28	机动车维修经营备案已完成
粮油食品	内蒙古 呼和浩特市 新城区新华大街	2020-10-15	食品经营许可证在有效期内
纺织面料	江苏省 南通市 崇川区工农路	2020-11-02	已完成工商注册登记
家用电器	广东省 佛山市 顺德区容桂大道	2020-11-20	已完成工商注册登记，3C认证齐全
灯具照明	广东省 中山市 古镇镇中兴大道	2020-12-07	正常经营
陶瓷卫浴	广东省 佛山市 禅城区季华路	2020-12-25	已完成工商注册登记
家具制造	广东省 东莞市 厚街镇康乐路	2021-01-12	已完成工商注册登记，环评手续齐全
玩具礼品	广东省 汕头市 澄海区莲下镇	2021-01-30	正常经营
箱包皮具	河北省 保定市 白沟新城	2021-02-17	已完成工商注册登记
钟表眼镜	广东省 深圳市 龙岗区横岗街道	2021-03-06	正常经营 · 年报已公示
图书音像	北京市 西城区西单北大街	2021-03-24	出版物经营许可证在有效期内
乐器销售	广东省 广州市 花都区新华街道	2021-04-10	已完成工商注册登记
文具用品	浙江省 宁波市 宁海县跃龙街道	2021-04-28	正常经营
户外装备	四川省 成都市 武侯区人民南路	2021-05-16	已完成工商注册登记，有效期内
健身器材	山东省 德州市 宁津县津城街道	2021-06-02	已完成工商注册登记
日化购物	江苏省 无锡市 梁溪区中山路	2019-01-12	工商登记核准名称正常
家居建材批发零售	江苏省 苏州市 姑苏区人民路	2019-02-05	已完成工商注册登记并取得营业执照
汽车用品	浙江省 杭州市 上城区解放路	2019-02-21	已完成工商注册登记，有效期内
生鲜超市	浙江省 宁波市 海曙区中山西路	2019-03-09	正常经营 · 年报已公示
机电设备	上海市 浦东新区张江路	2019-03-28	已完成工商注册登记，证照齐全
文化传媒	上海市 徐汇区漕溪北路	2019-04-16	已取得出版物经营许可证
餐饮服务	北京市 朝阳区建国路	2019-05-02	食品经营许可证在有效期内
五金交电	北京市 海淀区中关村大街	2019-05-19	正常经营
服装鞋帽	广东省 广州市 越秀区北京路	2019-06-07	已完成工商注册登记
电子产品	广东省 深圳市 福田区华强北路	2019-06-25	已完成工商注册登记，3C认证齐全
母婴用品	福建省 厦门市 思明区中山路	2019-07-13	正常经营
体育用品	福建省 福州市 鼓楼区五四路	2019-07-30	已完成工商注册登记，有效期内
办公设备	山东省 济南市 历下区泉城路	2019-08-18	已完成工商注册登记
酒水饮料	山东省 青岛市 市南区香港中路	2019-09-04	酒类流通备案登记已完成
医疗器械	湖北省 武汉市 江汉区解放大道	2019-09-22	二类医疗器械经营备案凭证
教育培训	湖南省 长沙市 芙蓉区五一大道	2019-10-10	已完成工商注册登记
物流运输	四川省 成都市 锦江区春熙路	2019-10-27	道路运输经营许可证在有效期内
印刷包装	重庆市 渝中区解放碑	2019-11-14	印刷经营许可证正常
花卉园艺	云南省 昆明市 五华区东风西路	2019-12-02	正常经营
茶叶销售	浙江省 杭州市 西湖区龙井路	2019-12-19	已完成工商注册登记，食品经营许可正常
农副产品	河南省 郑州市 金水区花园路	2020-01-06	已完成工商注册登记
化工原料	河北省 石家庄市 长安区中山东路	2020-01-24	危险化学品经营许可证有效
建筑工程	陕西省 西安市 雁塔区长安南路	2020-02-11	建筑业企业资质证书在有效期内
装饰装修	安徽省 合肥市 蜀山区长江西路	2020-02-28	已完成工商注册登记，资质齐全
家政服务	江西省 南昌市 东湖区八一大道	2020-03-17	正常经营
美容美发	广西 南宁市 青秀区民族大道	2020-04-04	已完成工商注册登记
眼镜配镜	贵州省 贵阳市 云岩区中华北路	2020-04-21	正常经营 · 年报已公示
珠宝首饰	辽宁省 沈阳市 和平区太原街	2020-05-09	已完成工商注册登记
宠物用品	吉林省 长春市 朝阳区人民大街	2020-05-27	动物诊疗许可证在有效期内
摄影摄像	黑龙江省 哈尔滨市 道里区中央大街	2020-06-13	正常经营
广告设计	天津市 和平区南京路	2020-07-01	已完成工商注册登记，有效期内
软件开发	江苏省 南京市 玄武区珠江路	2020-07-19	软件企业认定证书有效
网络科技	浙江省 杭州市 滨江区网商路	2020-08-05	增值电信业务经营许可证有效
旅游服务	海南省 海口市 龙华区滨海大道	2020-08-23	旅行社业务经营许可证正常
酒店住宿	海南省 三亚市 吉阳区迎宾路	2020-09-10	特种行业许可证在有效期内
汽车维修	山西省 太原市 小店区长风街	2020-09-28	机动车维修经营备案已完成
粮油食品	内蒙古 呼和浩特市 新城区新华大街	2020-10-15	食品经营许可证在有效期内
纺织面料	江苏省 南通市 崇川区工农路	2020-11-02	已完成工商注册登记
家用电器	广东省 佛山市 顺德区容桂大道	2020-11-20	已完成工商注册登记，3C认证齐全
灯具照明	广东省 中山市 古镇镇中兴大道	2020-12-07	正常经营
陶瓷卫浴	广东省 佛山市 禅城区季华路	2020-12-25	已完成工商注册登记
家具制造	广东省 东莞市 厚街镇康乐路	2021-01-12	已完成工商注册登记，环评手续齐全
玩具礼品	广东省 汕头市 澄海区莲下镇	2021-01-30	正常经营
箱包皮具	河北省 保定市 白沟新城	2021-02-17	已完成工商注册登记
钟表眼镜	广东省 深圳市 龙岗区横岗街道	2021-03-06	正常经营 · 年报已公示
图书音像	北京市 西城区西单北大街	2021-03-24	出版物经营许可证在有效期内
乐器销售	广东省 广州市 花都区新华街道	2021-04-10	已完成工商注册登记
文具用品	浙江省 宁波市 宁海县跃龙街道	2021-04-28	正常经营
户外装备	四川省 成都市 武侯区人民南路	2021-05-16	已完成工商注册登记，有效期内
健身器材	山东省 德州市 宁津县津城街道	2021-06-02	已完成工商注册登记
日化购物	江苏省 无锡市 梁溪区中山路	2019-01-12	工商登记核准名称正常
家居建材批发零售	江苏省 苏州市 姑苏区人民路	2019-02-05	已完成工商注册登记并取得营业执照
汽车用品	浙江省 杭州市 上城区解放路	2019-02-21	已完成工商注册登记，有效期内
生鲜超市	浙江省 宁波市 海曙区中山西路	2019-03-09	正常经营 · 年报已公示
机电设备	上海市 浦东新区张江路	2019-03-28	已完成工商注册登记，证照齐全
文化传媒	上海市 徐汇区漕溪北路	2019-04-16	已取得出版物经营许可证
餐饮服务	北京市 朝阳区建国路	2019-05-02	食品经营许可证在有效期内
五金交电	北京市 海淀区中关村大街	2019-05-19	正常经营
服装鞋帽	广东省 广州市 越秀区北京路	2019-06-07	已完成工商注册登记
电子产品	广东省 深圳市 福田区华强北路	2019-06-25	已完成工商注册登记，3C认证齐全
母婴用品	福建省 厦门市 思明区中山路	2019-07-13	正常经营
体育用品	福建省 福州市 鼓楼区五四路	2019-07-30	已完成工商注册登记，有效期内
办公设备	山东省 济南市 历下区泉城路	2019-08-18	已完成工商注册登记
酒水饮料	山东省 青岛市 市南区香港中路	2019-09-04	酒类流通备案登记已完成
医疗器械	湖北省 武汉市 江汉区解放大道	2019-09-22	二类医疗器械经营备案凭证
教育培训	湖南省 长沙市 芙蓉区五一大道	2019-10-10	已完成工商注册登记
物流运输	四川省 成都市 锦江区春熙路	2019-10-27	道路运输经营许可证在有效期内
印刷包装	重庆市 渝中区解放碑	2019-11-14	印刷经营许可证正常
花卉园艺	云南省 昆明市 五华区东风西路	2019-12-02	正常经营
茶叶销售	浙江省 杭州市 西湖区龙井路	2019-12-19	已完成工商注册登记，食品经营许可正常
农副产品	河南省 郑州市 金水区花园路	2020-01-06	已完成工商注册登记
化工原料	河北省 石家庄市 长安区中山东路	2020-01-24	危险化学品经营许可证有效
建筑工程	陕西省 西安市 雁塔区长安南路	2020-02-11	建筑业企业资质证书在有效期内
装饰装修	安徽省 合肥市 蜀山区长江西路	2020-02-28	已完成工商注册登记，资质齐全
家政服务	江西省 南昌市 东湖区八一大道	2020-03-17	正常经营
美容美发	广西 南宁市 青秀区民族大道	2020-04-04	已完成工商注册登记
眼镜配镜	贵州省 贵阳市 云岩区中华北路	2020-04-21	正常经营 · 年报已公示
珠宝首饰	辽宁省 沈阳市 和平区太原街	2020-05-09	已完成工商注册登记
宠物用品	吉林省 长春市 朝阳区人民大街	2020-05-27	动物诊疗许可证在有效期内
摄影摄像	黑龙江省 哈尔滨市 道里区中央大街	2020-06-13	正常经营
广告设计	天津市 和平区南京路	2020-07-01	已完成工商注册登记，有效期内
软件开发	江苏省 南京市 玄武区珠江路	2020-07-19	软件企业认定证书有效
网络科技	浙江省 杭州市 滨江区网商路	2020-08-05	增值电信业务经营许可证有效
旅游服务	海南省 海口市 龙华区滨海大道	2020-08-23	旅行社业务经营许可证正常
酒店住宿	海南省 三亚市 吉阳区迎宾路	2020-09-10	特种行业许可证在有效期内
汽车维修	山西省 太原市 小店区长风街	2020-09-28	机动车维修经营备案已完成
粮油食品	内蒙古 呼和浩特市 新城区新华大街	2020-10-15	食品经营许可证在有效期内
纺织面料	江苏省 南通市 崇川区工农路	2020-11-02	已完成工商注册登记
家用电器	广东省 佛山市 顺德区容桂大道	2020-11-20	已完成工商注册登记，3C认证齐全
灯具照明	广东省 中山市 古镇镇中兴大道	2020-12-07	正常经营
陶瓷卫浴	广东省 佛山市 禅城区季华路	2020-12-25	已完成工商注册登记
家具制造	广东省 东莞市 厚街镇康乐路	2021-01-12	已完成工商注册登记，环评手续齐全
玩具礼品	广东省 汕头市 澄海区莲下镇	2021-01-30	正常经营
箱包皮具	河北省 保定市 白沟新城	2021-02-17	已完成工商注册登记
钟表眼镜	广东省 深圳市 龙岗区横岗街道	2021-03-06	正常经营 · 年报已公示
图书音像	北京市 西城区西单北大街	2021-03-24	出版物经营许可证在有效期内
乐器销售	广东省 广州市 花都区新华街道	2021-04-10	已完成工商注册登记
文具用品	浙江省 宁波市 宁海县跃龙街道	2021-04-28	正常经营
户外装备	四川省 成都市 武侯区人民南路	2021-05-16	已完成工商注册登记，有效期内
健身器材	山东省 德州市 宁津县津城街道	2021-06-02	已完成工商注册登记
日化购物	江苏省 无锡市 梁溪区中山路	2019-01-12	工商登记核准名称正常
家居建材批发零售	江苏省 苏州市 姑苏区人民路	2019-02-05	已完成工商注册登记并取得营业执照
汽车用品	浙江省 杭州市 上城区解放路	2019-02-21	已完成工商注册登记，有效期内
生鲜超市	浙江省 宁波市 海曙区中山西路	2019-03-09	正常经营 · 年报已公示
机电设备	上海市 浦东新区张江路	2019-03-28	已完成工商注册登记，证照齐全
文化传媒	上海市 徐汇区漕溪北路	2019-04-16	已取得出版物经营许可证
餐饮服务	北京市 朝阳区建国路	2019-05-02	食品经营许可证在有效期内
五金交电	北京市 海淀区中关村大街	2019-05-19	正常经营
服装鞋帽	广东省 广州市 越秀区北京路	2019-06-07	已完成工商注册登记
电子产品	广东省 深圳市 福田区华强北路	2019-06-25	已完成工商注册登记，3C认证齐全
母婴用品	福建省 厦门市 思明区中山路	2019-07-13	正常经营
体育用品	福建省 福州市 鼓楼区五四路	2019-07-30	已完成工商注册登记，有效期内
办公设备	山东省 济南市 历下区泉城路	2019-08-18	已完成工商注册登记
酒水饮料	山东省 青岛市 市南区香港中路	2019-09-04	酒类流通备案登记已完成
医疗器械	湖北省 武汉市 江汉区解放大道	2019-09-22	二类医疗器械经营备案凭证
教育培训	湖南省 长沙市 芙蓉区五一大道	2019-10-10	已完成工商注册登记
物流运输	四川省 成都市 锦江区春熙路	2019-10-27	道路运输经营许可证在有效期内
印刷包装	重庆市 渝中区解放碑	2019-11-14	印刷经营许可证正常
花卉园艺	云南省 昆明市 五华区东风西路	2019-12-02	正常经营
茶叶销售	浙江省 杭州市 西湖区龙井路	2019-12-19	已完成工商注册登记，食品经营许可正常
农副产品	河南省 郑州市 金水区花园路	2020-01-06	已完成工商注册登记
化工原料	河北省 石家庄市 长安区中山东路	2020-01-24	危险化学品经营许可证有效
建筑工程	陕西省 西安市 雁塔区长安南路	2020-02-11	建筑业企业资质证书在有效期内
装饰装修	安徽省 合肥市 蜀山区长江西路	2020-02-28	已完成工商注册登记，资质齐全
家政服务	江西省 南昌市 东湖区八一大道	2020-03-17	正常经营
美容美发	广西 南宁市 青秀区民族大道	2020-04-04	已完成工商注册登记
眼镜配镜	贵州省 贵阳市 云岩区中华北路	2020-04-21	正常经营 · 年报已公示
珠宝首饰	辽宁省 沈阳市 和平区太原街	2020-05-09	已完成工商注册登记
宠物用品	吉林省 长春市 朝阳区人民大街	2020-05-27	动物诊疗许可证在有效期内
摄影摄像	黑龙江省 哈尔滨市 道里区中央大街	2020-06-13	正常经营
广告设计	天津市 和平区南京路	2020-07-01	已完成工商注册登记，有效期内
软件开发	江苏省 南京市 玄武区珠江路	2020-07-19	软件企业认定证书有效
网络科技	浙江省 杭州市 滨江区网商路	2020-08-05	增值电信业务经营许可证有效
旅游服务	海南省 海口市 龙华区滨海大道	2020-08-23	旅行社业务经营许可证正常
酒店住宿	海南省 三亚市 吉阳区迎宾路	2020-09-10	特种行业许可证在有效期内
汽车维修	山西省 太原市 小店区长风街	2020-09-28	机动车维修经营备案已完成
粮油食品	内蒙古 呼和浩特市 新城区新华大街	2020-10-15	食品经营许可证在有效期内
纺织面料	江苏省 南通市 崇川区工农路	2020-11-02	已完成工商注册登记
家用电器	广东省 佛山市 顺德区容桂大道	2020-11-20	已完成工商注册登记，3C认证齐全
灯具照明	广东省 中山市 古镇镇中兴大道	2020-12-07	正常经营
陶瓷卫浴	广东省 佛山市 禅城区季华路	2020-12-25	已完成工商注册登记
家具制造	广东省 东莞市 厚街镇康乐路	2021-01-12	已完成工商注册登记，环评手续齐全
玩具礼品	广东省 汕头市 澄海区莲下镇	2021-01-30	正常经营
箱包皮具	河北省 保定市 白沟新城	2021-02-17	已完成工商注册登记
钟表眼镜	广东省 深圳市 龙岗区横岗街道	2021-03-06	正常经营 · 年报已公示
图书音像	北京市 西城区西单北大街	2021-03-24	出版物经营许可证在有效期内
乐器销售	广东省 广州市 花都区新华街道	2021-04-10	已完成工商注册登记
文具用品	浙江省 宁波市 宁海县跃龙街道	2021-04-28	正常经营
户外装备	四川省 成都市 武侯区人民南路	2021-05-16	已完成工商注册登记，有效期内
健身器材	山东省 德州市 宁津县津城街道	2021-06-02	已完成工商注册登记
日化购物	江苏省 无锡市 梁溪区中山路	2019-01-12	工商登记核准名称正常
家居建材批发零售	江苏省 苏州市 姑苏区人民路	2019-02-05	已完成工商注册登记并取得营业执照
汽车用品	浙江省 杭州市 上城区解放路	2019-02-21	已完成工商注册登记，有效期内
生鲜超市	浙江省 宁波市 海曙区中山西路	2019-03-09	正常经营 · 年报已公示
机电设备	上海市 浦东新区张江路	2019-03-28	已完成工商注册登记，证照齐全
文化传媒	上海市 徐汇区漕溪北路	2019-04-16	已取得出版物经营许可证
餐饮服务	北京市 朝阳区建国路	2019-05-02	食品经营许可证在有效期内
五金交电	北京市 海淀区中关村大街	2019-05-19	正常经营
服装鞋帽	广东省 广州市 越秀区北京路	2019-06-07	已完成工商注册登记
电子产品	广东省 深圳市 福田区华强北路	2019-06-25	已完成工商注册登记，3C认证齐全
母婴用品	福建省 厦门市 思明区中山路	2019-07-13	正常经营
体育用品	福建省 福州市 鼓楼区五四路	2019-07-30	已完成工商注册登记，有效期内
办公设备	山东省 济南市 历下区泉城路	2019-08-18	已完成工商注册登记
酒水饮料	山东省 青岛市 市南区香港中路	2019-09-04	酒类流通备案登记已完成
医疗器械	湖北省 武汉市 江汉区解放大道	2019-09-22	二类医疗器械经营备案凭证
教育培训	湖南省 长沙市 芙蓉区五一大道	2019-10-10	已完成工商注册登记
物流运输	四川省 成都市 锦江区春熙路	2019-10-27	道路运输经营许可证在有效期内
印刷包装	重庆市 渝中区解放碑	2019-11-14	印刷经营许可证正常
花卉园艺	云南省 昆明市 五华区东风西路	2019-12-02	正常经营
茶叶销售	浙江省 杭州市 西湖区龙井路	2019-12-19	已完成工商注册登记，食品经营许可正常
农副产品	河南省 郑州市 金水区花园路	2020-01-06	已完成工商注册登记
化工原料	河北省 石家庄市 长安区中山东路	2020-01-24	危险化学品经营许可证有效
建筑工程	陕西省 西安市 雁塔区长安南路	2020-02-11	建筑业企业资质证书在有效期内
装饰装修	安徽省 合肥市 蜀山区长江西路	2020-02-28	已完成工商注册登记，资质齐全
家政服务	江西省 南昌市 东湖区八一大道	2020-03-17	正常经营
美容美发	广西 南宁市 青秀区民族大道	2020-04-04	已完成工商注册登记
眼镜配镜	贵州省 贵阳市 云岩区中华北路	2020-04-21	正常经营 · 年报已公示
珠宝首饰	辽宁省 沈阳市 和平区太原街	2020-05-09	已完成工商注册登记
宠物用品	吉林省 长春市 朝阳区人民大街	2020-05-27	动物诊疗许可证在有效期内
摄影摄像	黑龙江省 哈尔滨市 道里区中央大街	2020-06-13	正常经营
广告设计	天津市 和平区南京路	2020-07-01	已完成工商注册登记，有效期内
软件开发	江苏省 南京市 玄武区珠江路	2020-07-19	软件企业认定证书有效
网络科技	浙江省 杭州市 滨江区网商路	2020-08-05	增值电信业务经营许可证有效
旅游服务	海南省 海口市 龙华区滨海大道	2020-08-23	旅行社业务经营许可证正常
酒店住宿	海南省 三亚市 吉阳区迎宾路	2020-09-10	特种行业许可证在有效期内
汽车维修	山西省 太原市 小店区长风街	2020-09-28	机动车维修经营备案已完成
粮油食品	内蒙古 呼和浩特市 新城区新华大街	2020-10-15	食品经营许可证在有效期内
纺织面料	江苏省 南通市 崇川区工农路	2020-11-02	已完成工商注册登记
家用电器	广东省 佛山市 顺德区容桂大道	2020-11-20	已完成工商注册登记，3C认证齐全
灯具照明	广东省 中山市 古镇镇中兴大道	2020-12-07	正常经营
陶瓷卫浴	广东省 佛山市 禅城区季华路	2020-12-25	已完成工商注册登记
家具制造	广东省 东莞市 厚街镇康乐路	2021-01-12	已完成工商注册登记，环评手续齐全
玩具礼品	广东省 汕头市 澄海区莲下镇	2021-01-30	正常经营
箱包皮具	河北省 保定市 白沟新城	2021-02-17	已完成工商注册登记
钟表眼镜	广东省 深圳市 龙岗区横岗街道	2021-03-06	正常经营 · 年报已公示
图书音像	北京市 西城区西单北大街	2021-03-24	出版物经营许可证在有效期内
乐器销售	广东省 广州市 花都区新华街道	2021-04-10	已完成工商注册登记
文具用品	浙江省 宁波市 宁海县跃龙街道	2021-04-28	正常经营
户外装备	四川省 成都市 武侯区人民南路	2021-05-16	已完成工商注册登记，有效期内
健身器材	山东省 德州市 宁津县津城街道	2021-06-02	已完成工商注册登记
日化购物	江苏省 无锡市 梁溪区中山路	2019-01-12	工商登记核准名称正常
家居建材批发零售	江苏省 苏州市 姑苏区人民路	2019-02-05	已完成工商注册登记并取得营业执照
汽车用品	浙江省 杭州市 上城区解放路	2019-02-21	已完成工商注册登记，有效期内
生鲜超市	浙江省 宁波市 海曙区中山西路	2019-03-09	正常经营 · 年报已公示
机电设备	上海市 浦东新区张江路	2019-03-28	已完成工商注册登记，证照齐全
文化传媒	上海市 徐汇区漕溪北路	2019-04-16	已取得出版物经营许可证
餐饮服务	北京市 朝阳区建国路	2019-05-02	食品经营许可证在有效期内
五金交电	北京市 海淀区中关村大街	2019-05-19	正常经营
服装鞋帽	广东省 广州市 越秀区北京路	2019-06-07	已完成工商注册登记
电子产品	广东省 深圳市 福田区华强北路	2019-06-25	已完成工商注册登记，3C认证齐全
母婴用品	福建省 厦门市 思明区中山路	2019-07-13	正常经营
体育用品	福建省 福州市 鼓楼区五四路	2019-07-30	已完成工商注册登记，有效期内
办公设备	山东省 济南市 历下区泉城路	2019-08-18	已完成工商注册登记
酒水饮料	山东省 青岛市 市南区香港中路	2019-09-04	酒类流通备案登记已完成
医疗器械	湖北省 武汉市 江汉区解放大道	2019-09-22	二类医疗器械经营备案凭证
教育培训	湖南省 长沙市 芙蓉区五一大道	2019-10-10	已完成工商注册登记
物流运输	四川省 成都市 锦江区春熙路	2019-10-27	道路运输经营许可证在有效期内
印刷包装	重庆市 渝中区解放碑	2019-11-14	印刷经营许可证正常
花卉园艺	云南省 昆明市 五华区东风西路	2019-12-02	正常经营
茶叶销售	浙江省 杭州市 西湖区龙井路	2019-12-19	已完成工商注册登记，食品经营许可正常
农副产品	河南省 郑州市 金水区花园路	2020-01-06	已完成工商注册登记
化工原料	河北省 石家庄市 长安区中山东路	2020-01-24	危险化学品经营许可证有效
建筑工程	陕西省 西安市 雁塔区长安南路	2020-02-11	建筑业企业资质证书在有效期内
装饰装修	安徽省 合肥市 蜀山区长江西路	2020-02-28	已完成工商注册登记，资质齐全
家政服务	江西省 南昌市 东湖区八一大道	2020-03-17	正常经营
美容美发	广西 南宁市 青秀区民族大道	2020-04-04	已完成工商注册登记
眼镜配镜	贵州省 贵阳市 云岩区中华北路	2020-04-21	正常经营 · 年报已公示
珠宝首饰	辽宁省 沈阳市 和平区太原街	2020-05-09	已完成工商注册登记
宠物用品	吉林省 长春市 朝阳区人民大街	2020-05-27	动物诊疗许可证在有效期内
摄影摄像	黑龙江省 哈尔滨市 道里区中央大街	2020-06-13	正常经营
广告设计	天津市 和平区南京路	2020-07-01	已完成工商注册登记，有效期内
软件开发	江苏省 南京市 玄武区珠江路	2020-07-19	软件企业认定证书有效
网络科技	浙江省 杭州市 滨江区网商路	2020-08-05	增值电信业务经营许可证有效
旅游服务	海南省 海口市 龙华区滨海大道	2020-08-23	旅行社业务经营许可证正常
酒店住宿	海南省 三亚市 吉阳区迎宾路	2020-09-10	特种行业许可证在有效期内
汽车维修	山西省 太原市 小店区长风街	2020-09-28	机动车维修经营备案已完成
粮油食品	内蒙古 呼和浩特市 新城区新华大街	2020-10-15	食品经营许可证在有效期内
纺织面料	江苏省 南通市 崇川区工农路	2020-11-02	已完成工商注册登记
家用电器	广东省 佛山市 顺德区容桂大道	2020-11-20	已完成工商注册登记，3C认证齐全
灯具照明	广东省 中山市 古镇镇中兴大道	2020-12-07	正常经营
陶瓷卫浴	广东省 佛山市 禅城区季华路	2020-12-25	已完成工商注册登记
家具制造	广东省 东莞市 厚街镇康乐路	2021-01-12	已完成工商注册登记，环评手续齐全
玩具礼品	广东省 汕头市 澄海区莲下镇	2021-01-30	正常经营
箱包皮具	河北省 保定市 白沟新城	2021-02-17	已完成工商注册登记
